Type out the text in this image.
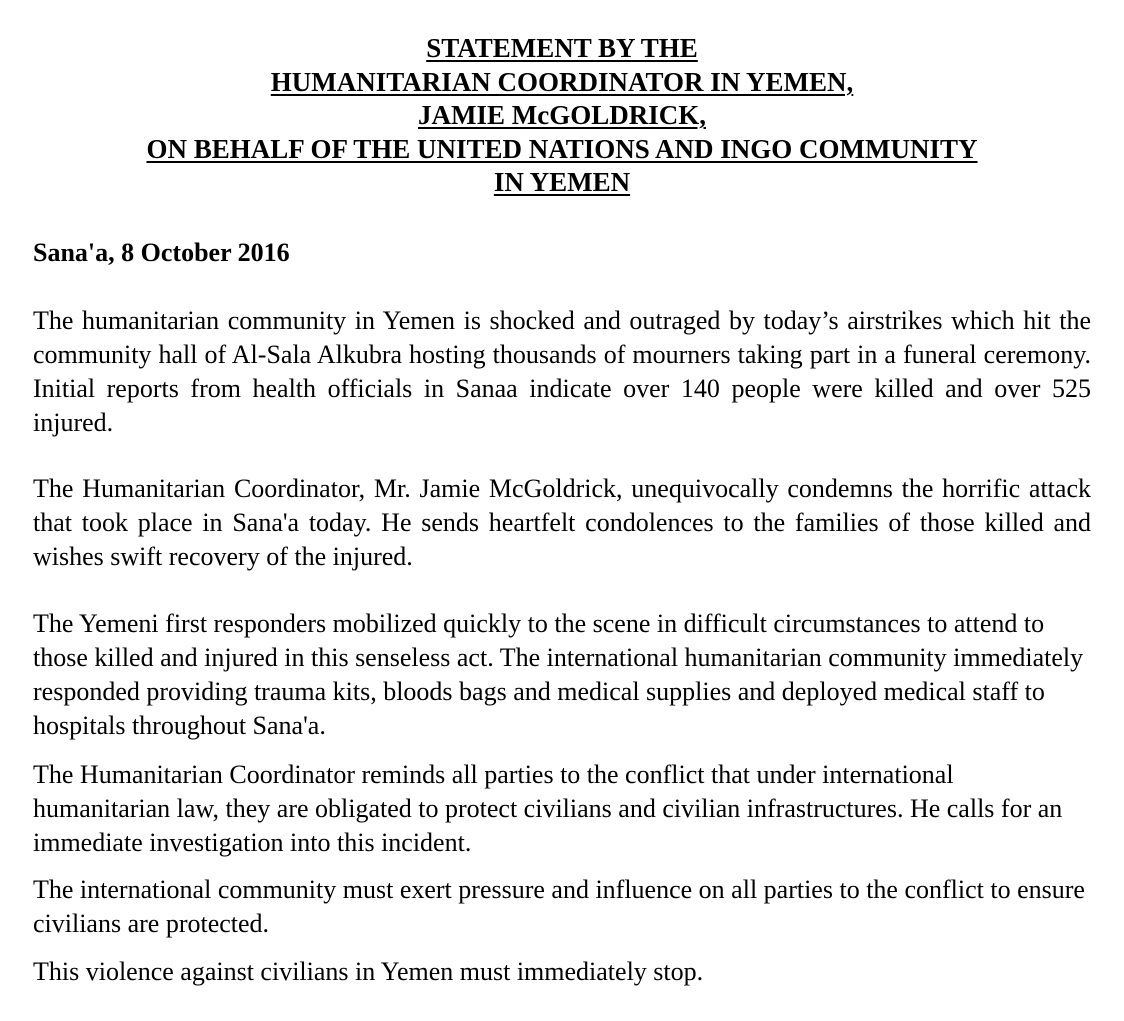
STATEMENT BY THE
HUMANITARIAN COORDINATOR IN YEMEN,
JAMIE McGOLDRICK,
ON BEHALF OF THE UNITED NATIONS AND INGO COMMUNITY
IN YEMEN
Sana'a, 8 October 2016

The humanitarian community in Yemen is shocked and outraged by today’s airstrikes which hit the community hall of Al-Sala Alkubra hosting thousands of mourners taking part in a funeral ceremony. Initial reports from health officials in Sanaa indicate over 140 people were killed and over 525 injured.

The Humanitarian Coordinator, Mr. Jamie McGoldrick, unequivocally condemns the horrific attack that took place in Sana'a today. He sends heartfelt condolences to the families of those killed and wishes swift recovery of the injured.

The Yemeni first responders mobilized quickly to the scene in difficult circumstances to attend to those killed and injured in this senseless act. The international humanitarian community immediately responded providing trauma kits, bloods bags and medical supplies and deployed medical staff to hospitals throughout Sana'a.

The Humanitarian Coordinator reminds all parties to the conflict that under international humanitarian law, they are obligated to protect civilians and civilian infrastructures. He calls for an immediate investigation into this incident.

The international community must exert pressure and influence on all parties to the conflict to ensure civilians are protected.

This violence against civilians in Yemen must immediately stop.
